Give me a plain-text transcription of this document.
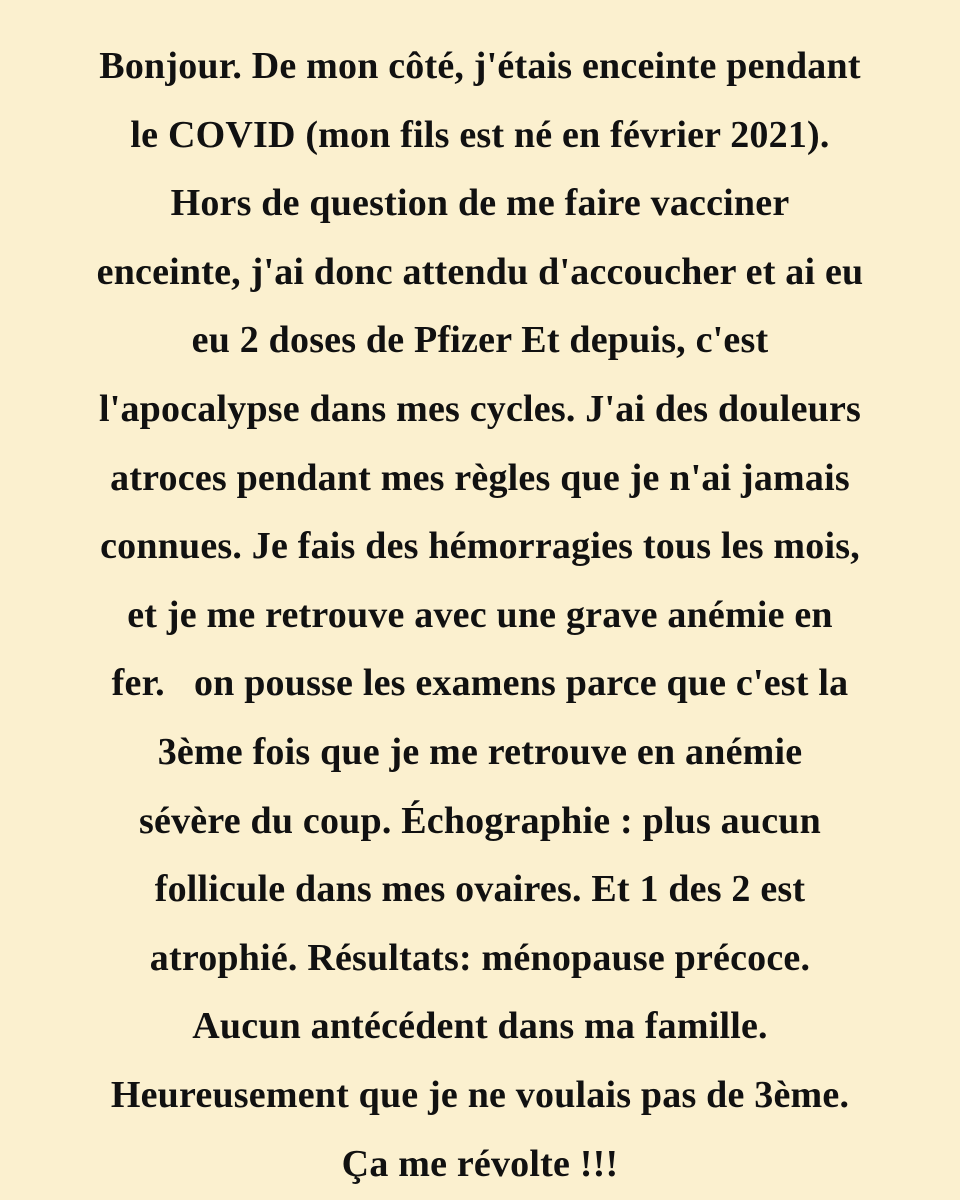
Bonjour. De mon côté, j'étais enceinte pendant
le COVID (mon fils est né en février 2021).
Hors de question de me faire vacciner
enceinte, j'ai donc attendu d'accoucher et ai eu
eu 2 doses de Pfizer Et depuis, c'est
l'apocalypse dans mes cycles. J'ai des douleurs
atroces pendant mes règles que je n'ai jamais
connues. Je fais des hémorragies tous les mois,
et je me retrouve avec une grave anémie en
fer.   on pousse les examens parce que c'est la
3ème fois que je me retrouve en anémie
sévère du coup. Échographie : plus aucun
follicule dans mes ovaires. Et 1 des 2 est
atrophié. Résultats: ménopause précoce.
Aucun antécédent dans ma famille.
Heureusement que je ne voulais pas de 3ème.
Ça me révolte !!!
